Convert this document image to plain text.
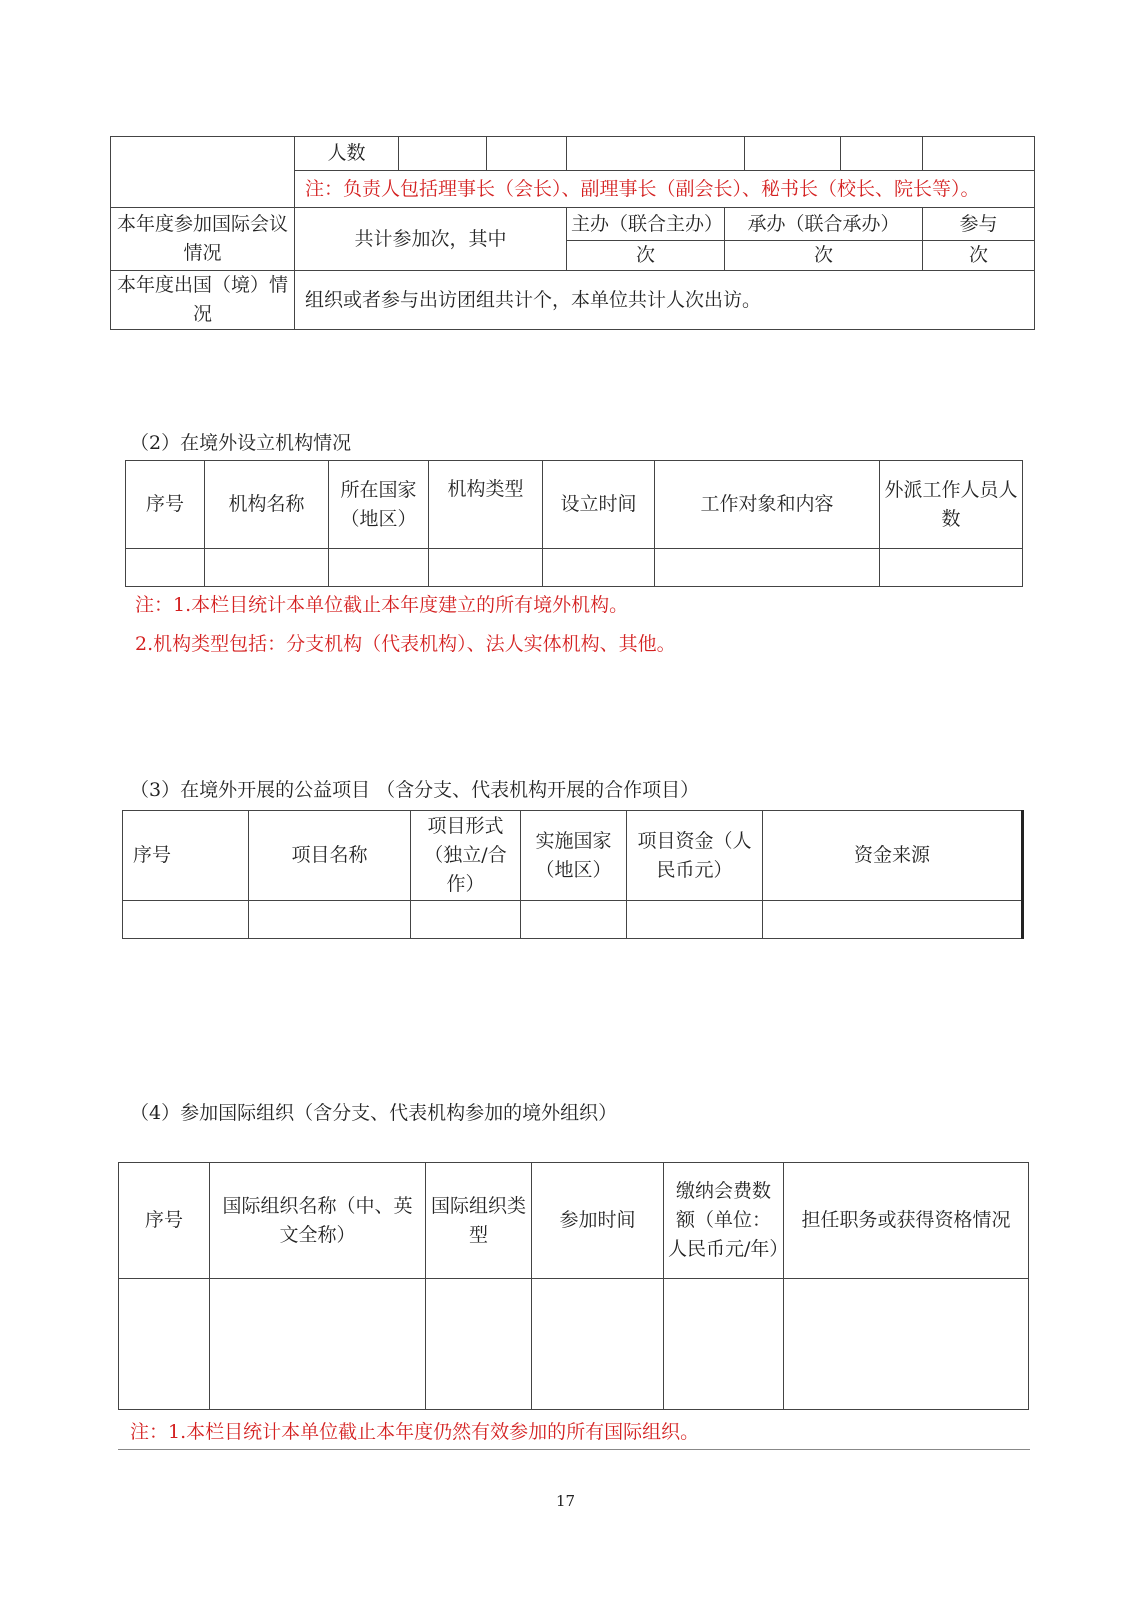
	人数							
	注：负责人包括理事长（会长）、副理事长（副会长）、秘书长（校长、院长等）。							
本年度参加国际会议情况	共计参加次，其中			主办（联合主办）	承办（联合承办）			参与
				次	次			次
本年度出国（境）情况	组织或者参与出访团组共计个，本单位共计人次出访。							
（2）在境外设立机构情况
序号	机构名称	所在国家（地区）	机构类型	设立时间	工作对象和内容	外派工作人员人数

注：1.本栏目统计本单位截止本年度建立的所有境外机构。
2.机构类型包括：分支机构（代表机构）、法人实体机构、其他。
（3）在境外开展的公益项目 （含分支、代表机构开展的合作项目）
序号	项目名称	项目形式（独立/合作）	实施国家（地区）	项目资金（人民币元）	资金来源

（4）参加国际组织（含分支、代表机构参加的境外组织）
序号	国际组织名称（中、英文全称）	国际组织类型	参加时间	缴纳会费数额（单位：人民币元/年）	担任职务或获得资格情况

注：1.本栏目统计本单位截止本年度仍然有效参加的所有国际组织。
17
